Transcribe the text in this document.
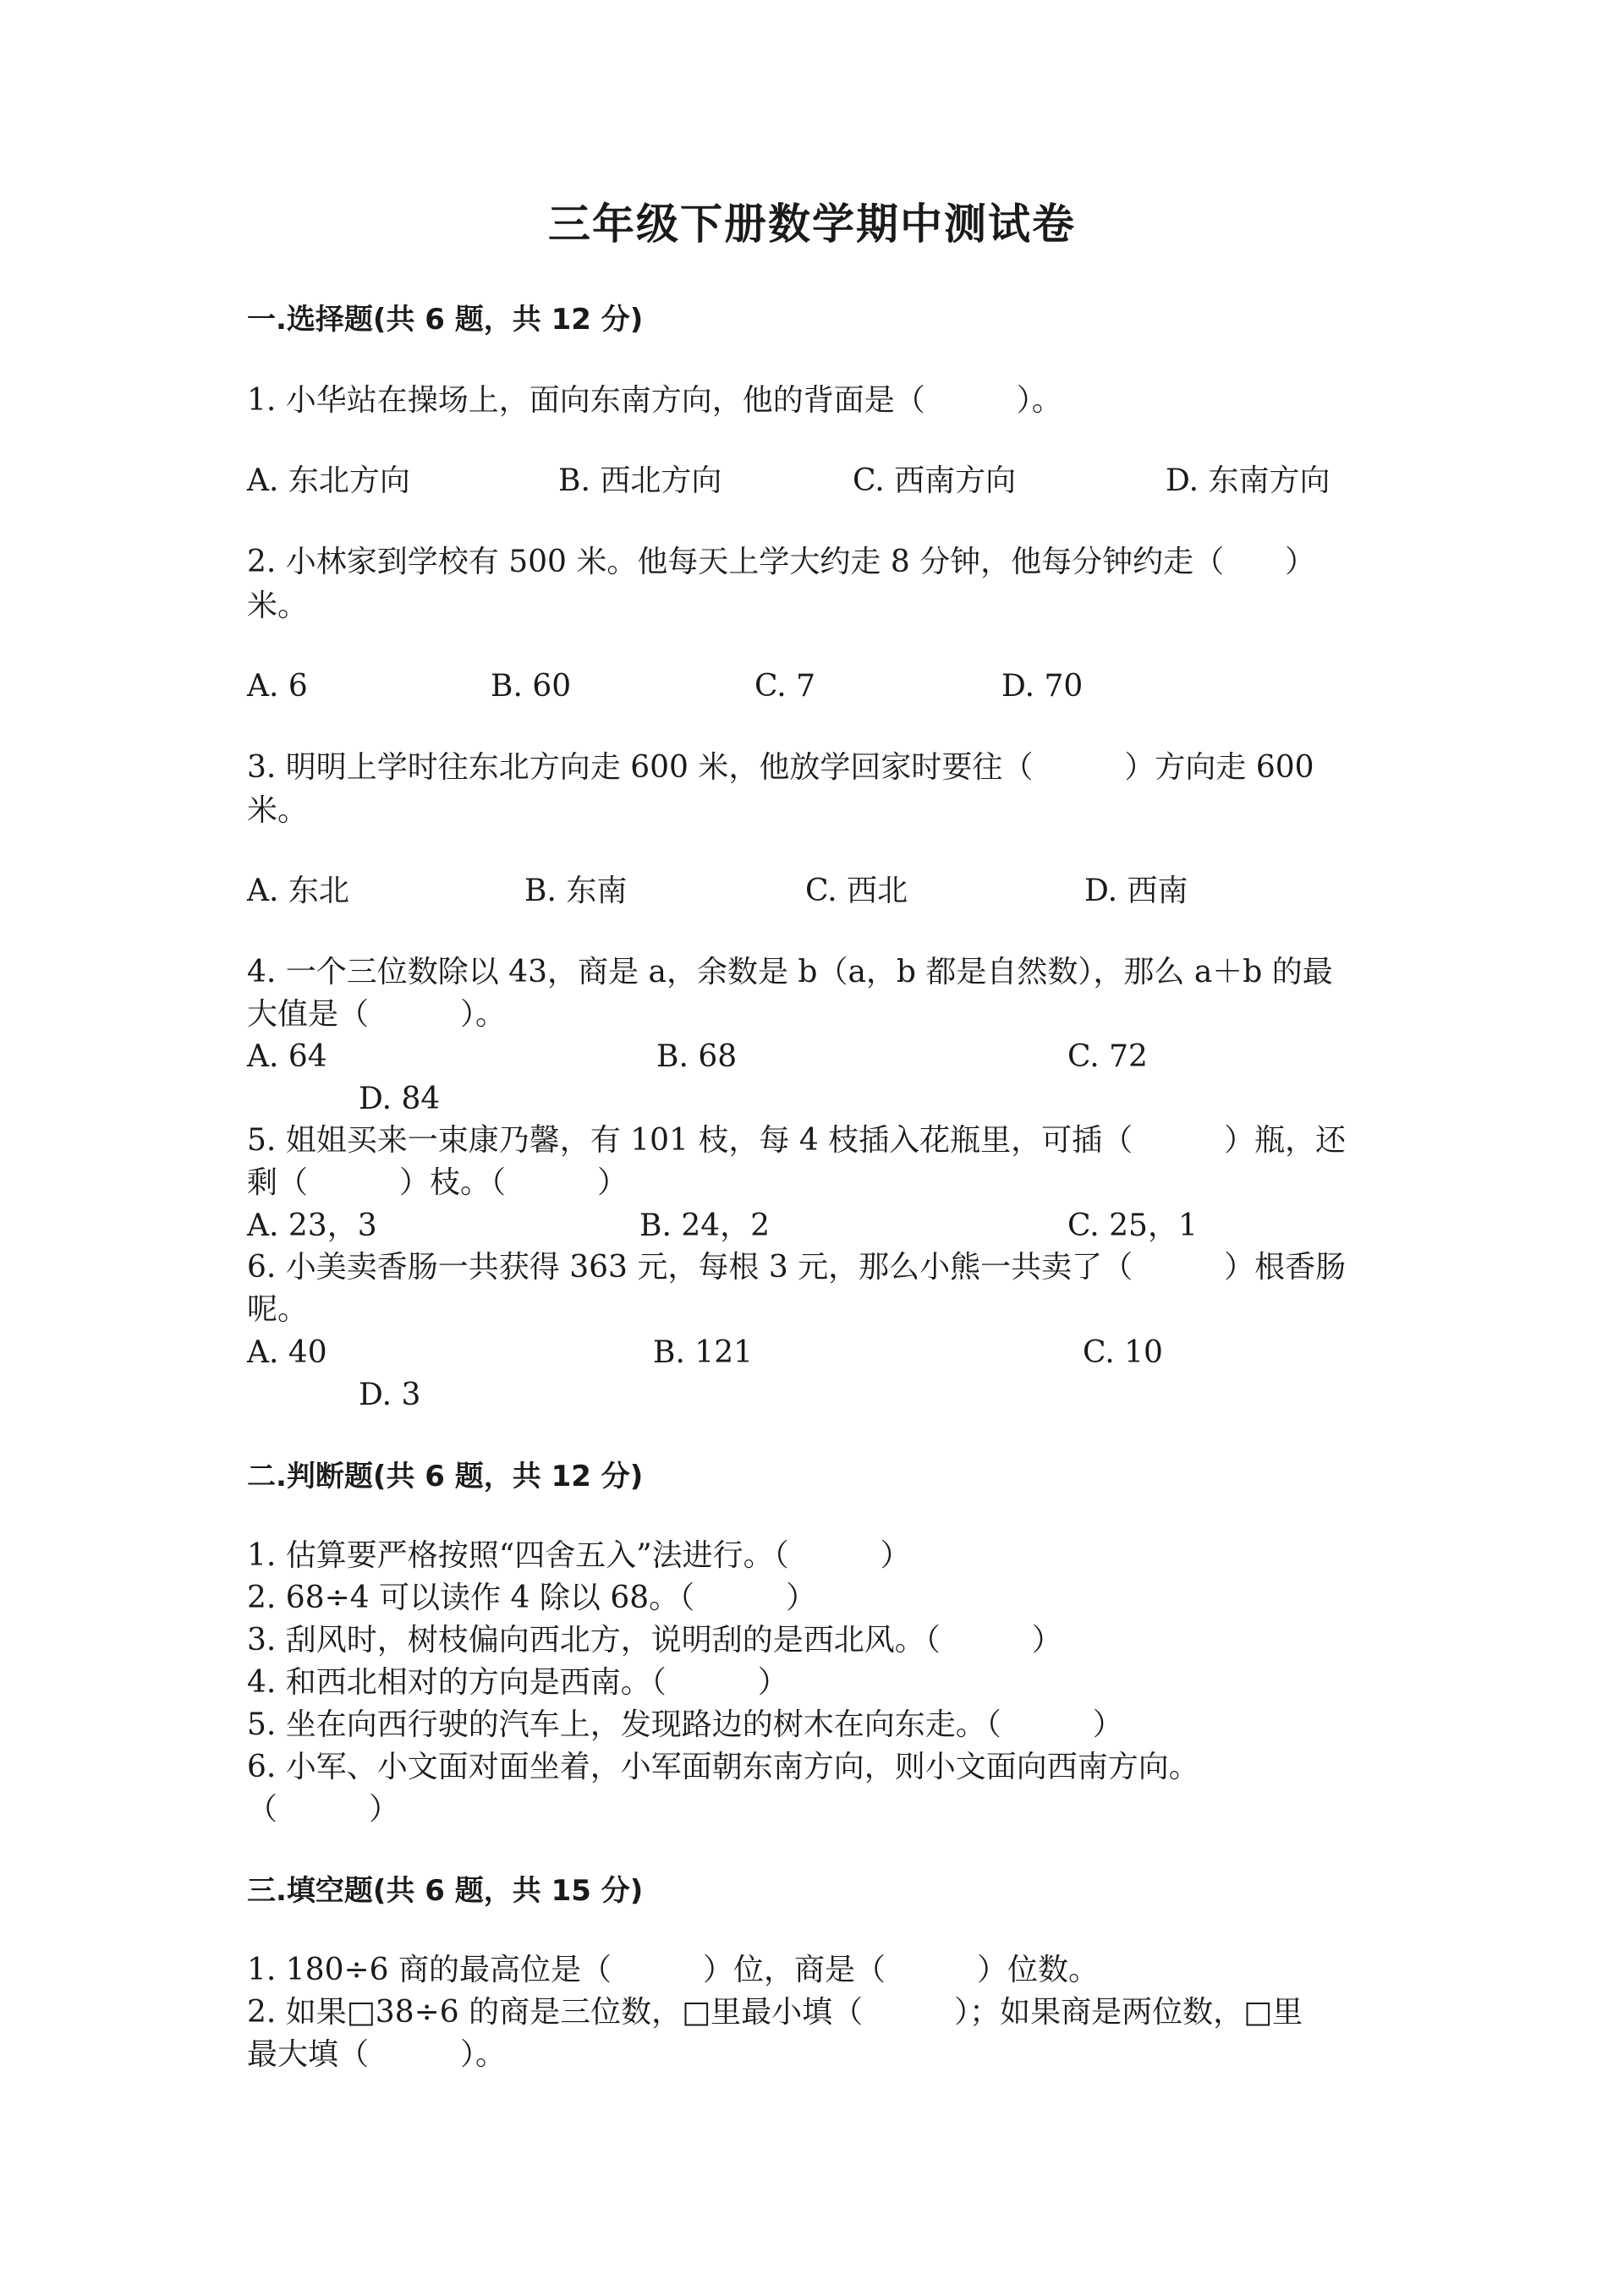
三年级下册数学期中测试卷
一.选择题(共 6 题，共 12 分)
1. 小华站在操场上，面向东南方向，他的背面是（　　　）。
A. 东北方向	B. 西北方向	C. 西南方向	D. 东南方向
2. 小林家到学校有 500 米。他每天上学大约走 8 分钟，他每分钟约走（　　）
米。
A. 6	B. 60	C. 7	D. 70
3. 明明上学时往东北方向走 600 米，他放学回家时要往（　　　）方向走 600
米。
A. 东北	B. 东南	C. 西北	D. 西南
4. 一个三位数除以 43，商是 a，余数是 b（a，b 都是自然数），那么 a＋b 的最
大值是（　　　）。
A. 64	B. 68	C. 72
D. 84
5. 姐姐买来一束康乃馨，有 101 枝，每 4 枝插入花瓶里，可插（　　　）瓶，还
剩（　　　）枝。（　　　）
A. 23，3	B. 24，2	C. 25，1
6. 小美卖香肠一共获得 363 元，每根 3 元，那么小熊一共卖了（　　　）根香肠
呢。
A. 40	B. 121	C. 10
D. 3
二.判断题(共 6 题，共 12 分)
1. 估算要严格按照“四舍五入”法进行。（　　　）
2. 68÷4 可以读作 4 除以 68。（　　　）
3. 刮风时，树枝偏向西北方，说明刮的是西北风。（　　　）
4. 和西北相对的方向是西南。（　　　）
5. 坐在向西行驶的汽车上，发现路边的树木在向东走。（　　　）
6. 小军、小文面对面坐着，小军面朝东南方向，则小文面向西南方向。
（　　　）
三.填空题(共 6 题，共 15 分)
1. 180÷6 商的最高位是（　　　）位，商是（　　　）位数。
2. 如果□38÷6 的商是三位数，□里最小填（　　　）；如果商是两位数，□里
最大填（　　　）。
